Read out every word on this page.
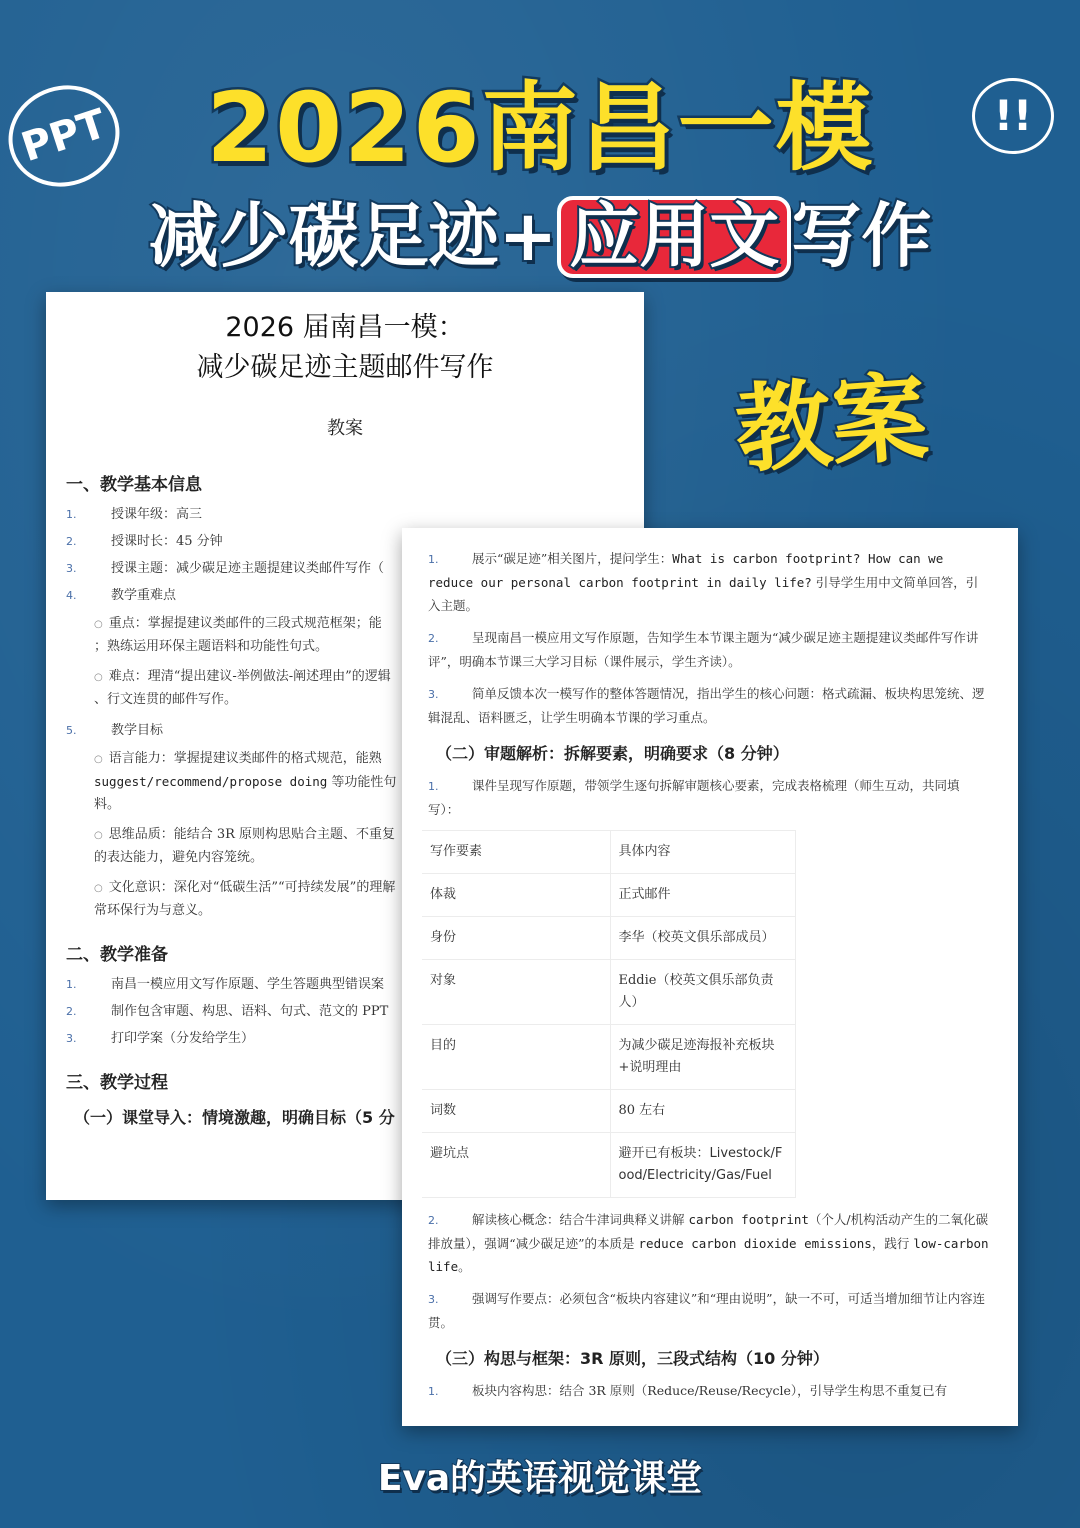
PPT	!!
2026南昌一模
减少碳足迹+ 应用文 写作
2026 届南昌一模：
减少碳足迹主题邮件写作
教案
一、教学基本信息
1.	授课年级：高三
2.	授课时长：45 分钟
3.	授课主题：减少碳足迹主题提建议类邮件写作（
4.	教学重难点
○ 重点：掌握提建议类邮件的三段式规范框架；能
；熟练运用环保主题语料和功能性句式。
○ 难点：理清“提出建议-举例做法-阐述理由”的逻辑
、行文连贯的邮件写作。
5.	教学目标
○ 语言能力：掌握提建议类邮件的格式规范，能熟
suggest/recommend/propose doing 等功能性句
料。
○ 思维品质：能结合 3R 原则构思贴合主题、不重复
的表达能力，避免内容笼统。
○ 文化意识：深化对“低碳生活”“可持续发展”的理解
常环保行为与意义。
二、教学准备
1.	南昌一模应用文写作原题、学生答题典型错误案
2.	制作包含审题、构思、语料、句式、范文的 PPT
3.	打印学案（分发给学生）
三、教学过程
（一）课堂导入：情境激趣，明确目标（5 分
1.	展示“碳足迹”相关图片，提问学生：What is carbon footprint? How can we reduce our personal carbon footprint in daily life? 引导学生用中文简单回答，引入主题。
2.	呈现南昌一模应用文写作原题，告知学生本节课主题为“减少碳足迹主题提建议类邮件写作讲评”，明确本节课三大学习目标（课件展示，学生齐读）。
3.	简单反馈本次一模写作的整体答题情况，指出学生的核心问题：格式疏漏、板块构思笼统、逻辑混乱、语料匮乏，让学生明确本节课的学习重点。
（二）审题解析：拆解要素，明确要求（8 分钟）
1.	课件呈现写作原题，带领学生逐句拆解审题核心要素，完成表格梳理（师生互动，共同填写）：
写作要素	具体内容
体裁	正式邮件
身份	李华（校英文俱乐部成员）
对象	Eddie（校英文俱乐部负责人）
目的	为减少碳足迹海报补充板块+说明理由
词数	80 左右
避坑点	避开已有板块：Livestock/Food/Electricity/Gas/Fuel
2.	解读核心概念：结合牛津词典释义讲解 carbon footprint（个人/机构活动产生的二氧化碳排放量），强调“减少碳足迹”的本质是 reduce carbon dioxide emissions，践行 low-carbon life。
3.	强调写作要点：必须包含“板块内容建议”和“理由说明”，缺一不可，可适当增加细节让内容连贯。
（三）构思与框架：3R 原则，三段式结构（10 分钟）
1.	板块内容构思：结合 3R 原则（Reduce/Reuse/Recycle），引导学生构思不重复已有
教案
Eva的英语视觉课堂
